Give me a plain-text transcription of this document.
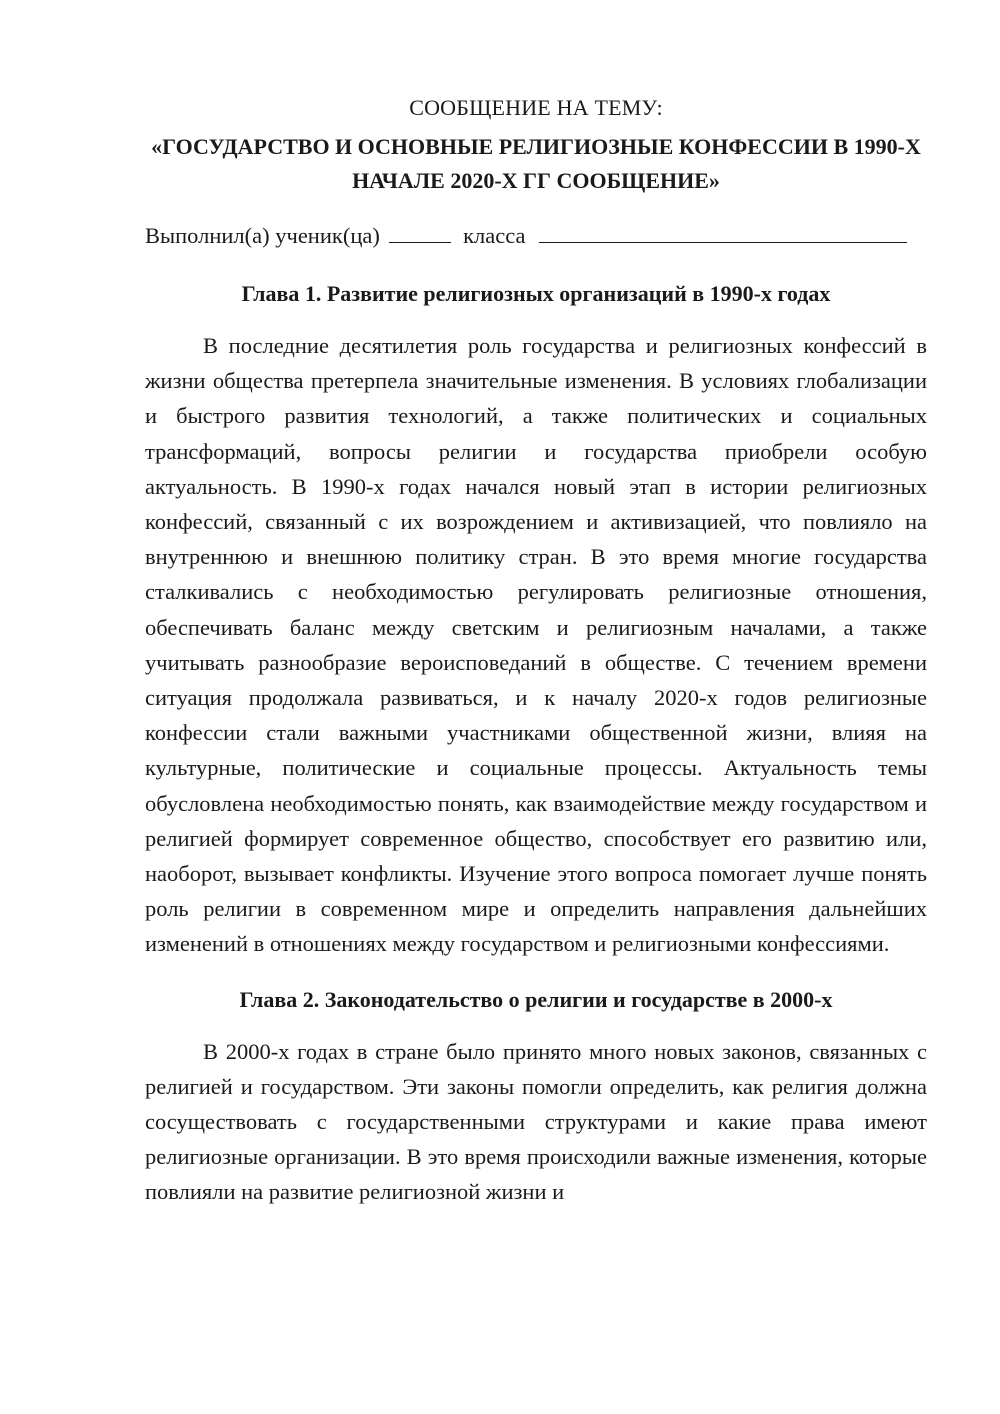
СООБЩЕНИЕ НА ТЕМУ:

«ГОСУДАРСТВО И ОСНОВНЫЕ РЕЛИГИОЗНЫЕ КОНФЕССИИ В 1990-Х НАЧАЛЕ 2020-Х ГГ СООБЩЕНИЕ»

Выполнил(а) ученик(ца)	класса
Глава 1. Развитие религиозных организаций в 1990-х годах

В последние десятилетия роль государства и религиозных конфессий в жизни общества претерпела значительные изменения. В условиях глобализации и быстрого развития технологий, а также политических и социальных трансформаций, вопросы религии и государства приобрели особую актуальность. В 1990-х годах начался новый этап в истории религиозных конфессий, связанный с их возрождением и активизацией, что повлияло на внутреннюю и внешнюю политику стран. В это время многие государства сталкивались с необходимостью регулировать религиозные отношения, обеспечивать баланс между светским и религиозным началами, а также учитывать разнообразие вероисповеданий в обществе. С течением времени ситуация продолжала развиваться, и к началу 2020-х годов религиозные конфессии стали важными участниками общественной жизни, влияя на культурные, политические и социальные процессы. Актуальность темы обусловлена необходимостью понять, как взаимодействие между государством и религией формирует современное общество, способствует его развитию или, наоборот, вызывает конфликты. Изучение этого вопроса помогает лучше понять роль религии в современном мире и определить направления дальнейших изменений в отношениях между государством и религиозными конфессиями.

Глава 2. Законодательство о религии и государстве в 2000-х

В 2000-х годах в стране было принято много новых законов, связанных с религией и государством. Эти законы помогли определить, как религия должна сосуществовать с государственными структурами и какие права имеют религиозные организации. В это время происходили важные изменения, которые повлияли на развитие религиозной жизни и
